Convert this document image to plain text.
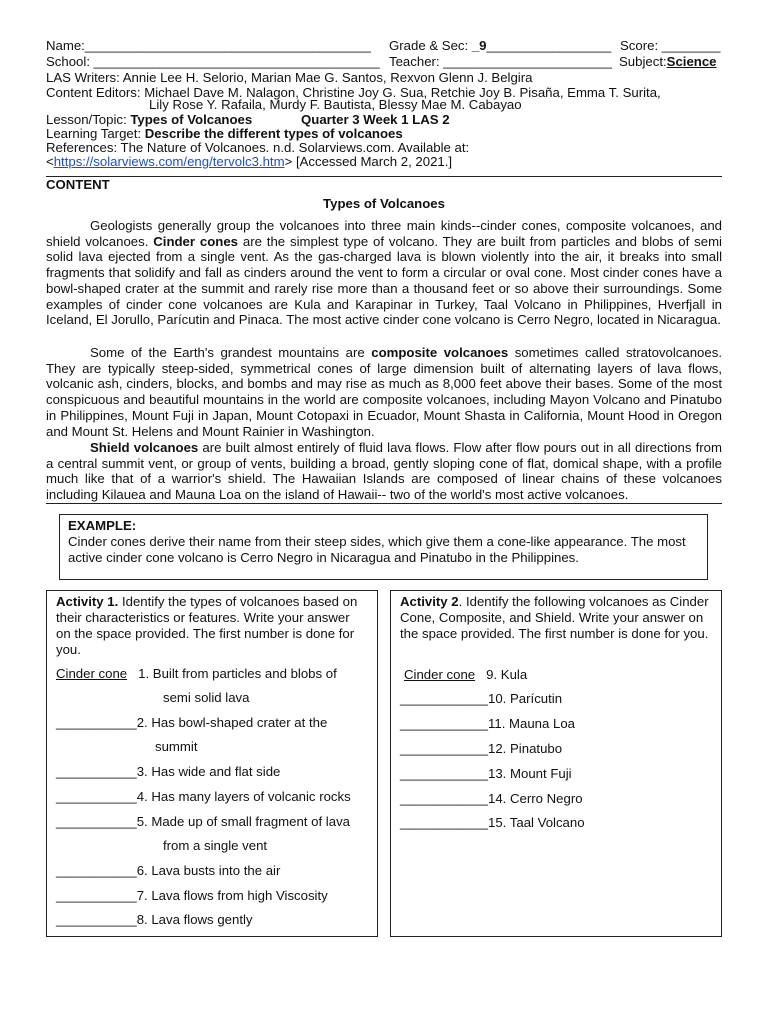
Name:_______________________________________ Grade & Sec: _9_________________ Score: ________
School: _______________________________________ Teacher: _______________________ Subject:Science
LAS Writers: Annie Lee H. Selorio, Marian Mae G. Santos, Rexvon Glenn J. Belgira
Content Editors: Michael Dave M. Nalagon, Christine Joy G. Sua, Retchie Joy B. Pisaña, Emma T. Surita,
Lily Rose Y. Rafaila, Murdy F. Bautista, Blessy Mae M. Cabayao
Lesson/Topic: Types of Volcanoes	Quarter 3 Week 1 LAS 2
Learning Target: Describe the different types of volcanoes
References: The Nature of Volcanoes. n.d. Solarviews.com. Available at:
<https://solarviews.com/eng/tervolc3.htm> [Accessed March 2, 2021.]
CONTENT
Types of Volcanoes
Geologists generally group the volcanoes into three main kinds--cinder cones, composite volcanoes, and shield volcanoes. Cinder cones are the simplest type of volcano. They are built from particles and blobs of semi solid lava ejected from a single vent. As the gas-charged lava is blown violently into the air, it breaks into small fragments that solidify and fall as cinders around the vent to form a circular or oval cone. Most cinder cones have a bowl-shaped crater at the summit and rarely rise more than a thousand feet or so above their surroundings. Some examples of cinder cone volcanoes are Kula and Karapinar in Turkey, Taal Volcano in Philippines, Hverfjall in Iceland, El Jorullo, Parícutin and Pinaca. The most active cinder cone volcano is Cerro Negro, located in Nicaragua.
Some of the Earth's grandest mountains are composite volcanoes sometimes called stratovolcanoes. They are typically steep-sided, symmetrical cones of large dimension built of alternating layers of lava flows, volcanic ash, cinders, blocks, and bombs and may rise as much as 8,000 feet above their bases. Some of the most conspicuous and beautiful mountains in the world are composite volcanoes, including Mayon Volcano and Pinatubo in Philippines, Mount Fuji in Japan, Mount Cotopaxi in Ecuador, Mount Shasta in California, Mount Hood in Oregon and Mount St. Helens and Mount Rainier in Washington.
Shield volcanoes are built almost entirely of fluid lava flows. Flow after flow pours out in all directions from a central summit vent, or group of vents, building a broad, gently sloping cone of flat, domical shape, with a profile much like that of a warrior's shield. The Hawaiian Islands are composed of linear chains of these volcanoes including Kilauea and Mauna Loa on the island of Hawaii-- two of the world's most active volcanoes.
EXAMPLE:
Cinder cones derive their name from their steep sides, which give them a cone-like appearance. The most active cinder cone volcano is Cerro Negro in Nicaragua and Pinatubo in the Philippines.
Activity 1. Identify the types of volcanoes based on their characteristics or features. Write your answer on the space provided. The first number is done for you.
Cinder cone 1. Built from particles and blobs of
semi solid lava
___________2. Has bowl-shaped crater at the
summit
___________3. Has wide and flat side
___________4. Has many layers of volcanic rocks
___________5. Made up of small fragment of lava
from a single vent
___________6. Lava busts into the air
___________7. Lava flows from high Viscosity
___________8. Lava flows gently
Activity 2. Identify the following volcanoes as Cinder Cone, Composite, and Shield. Write your answer on the space provided. The first number is done for you.
Cinder cone 9. Kula
____________10. Parícutin
____________11. Mauna Loa
____________12. Pinatubo
____________13. Mount Fuji
____________14. Cerro Negro
____________15. Taal Volcano
